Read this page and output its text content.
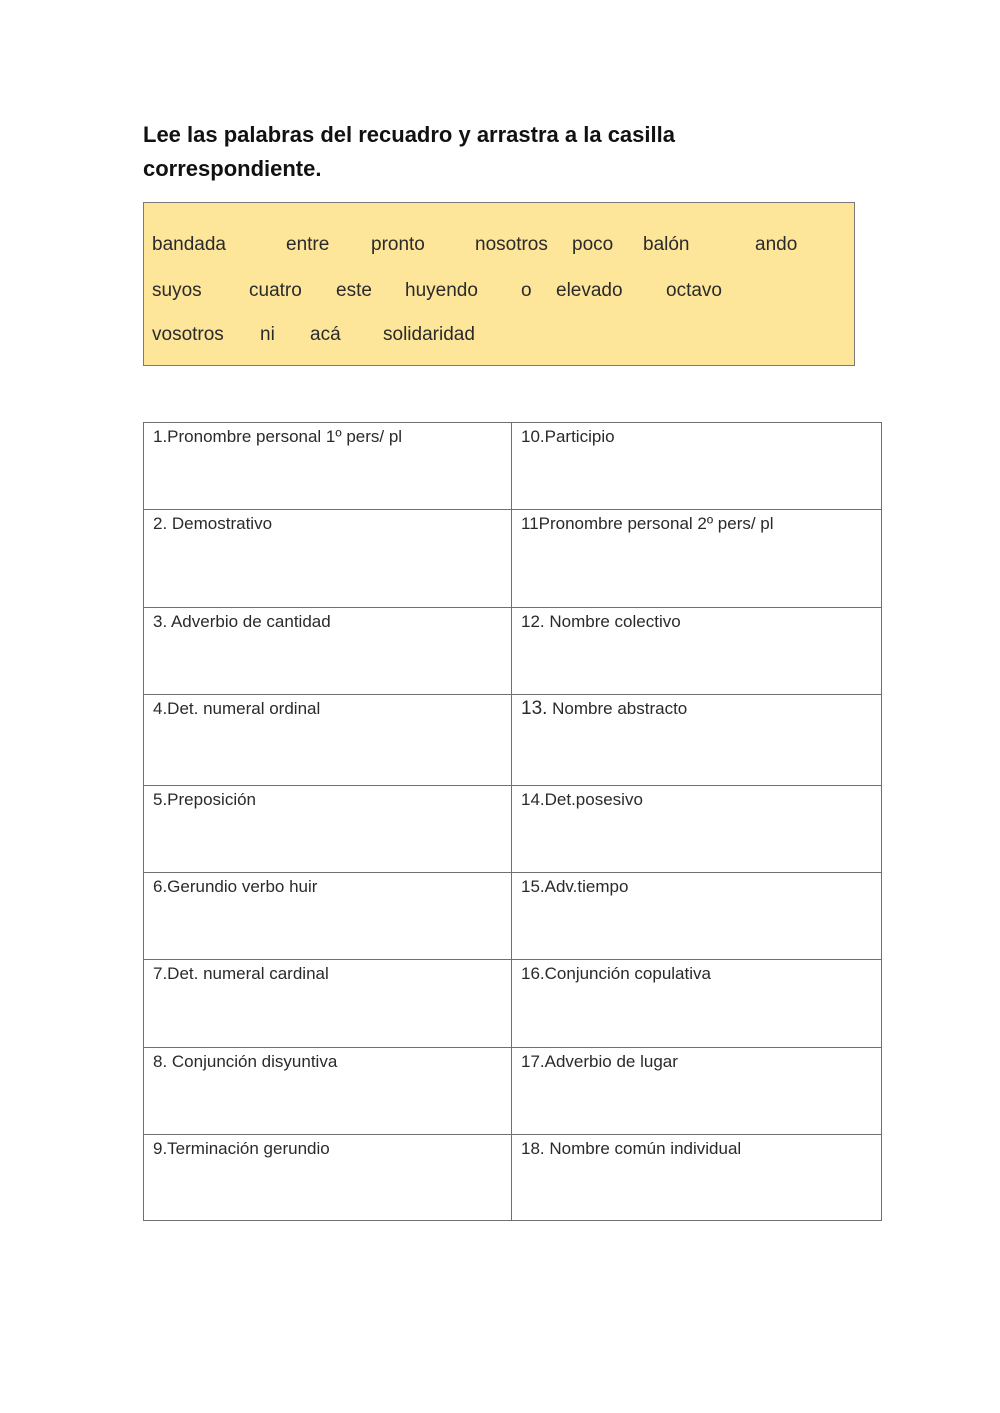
Lee las palabras del recuadro y arrastra a la casilla correspondiente.

bandada	entre pronto	nosotros poco balón	ando
suyos cuatro este huyendo o elevado octavo
vosotros ni acá solidaridad
1.Pronombre personal 1º pers/ pl	10.Participio

2. Demostrativo	11Pronombre personal 2º pers/ pl

3. Adverbio de cantidad	12. Nombre colectivo

4.Det. numeral ordinal	13. Nombre abstracto

5.Preposición	14.Det.posesivo

6.Gerundio verbo huir	15.Adv.tiempo

7.Det. numeral cardinal	16.Conjunción copulativa

8. Conjunción disyuntiva	17.Adverbio de lugar

9.Terminación gerundio	18. Nombre común individual
